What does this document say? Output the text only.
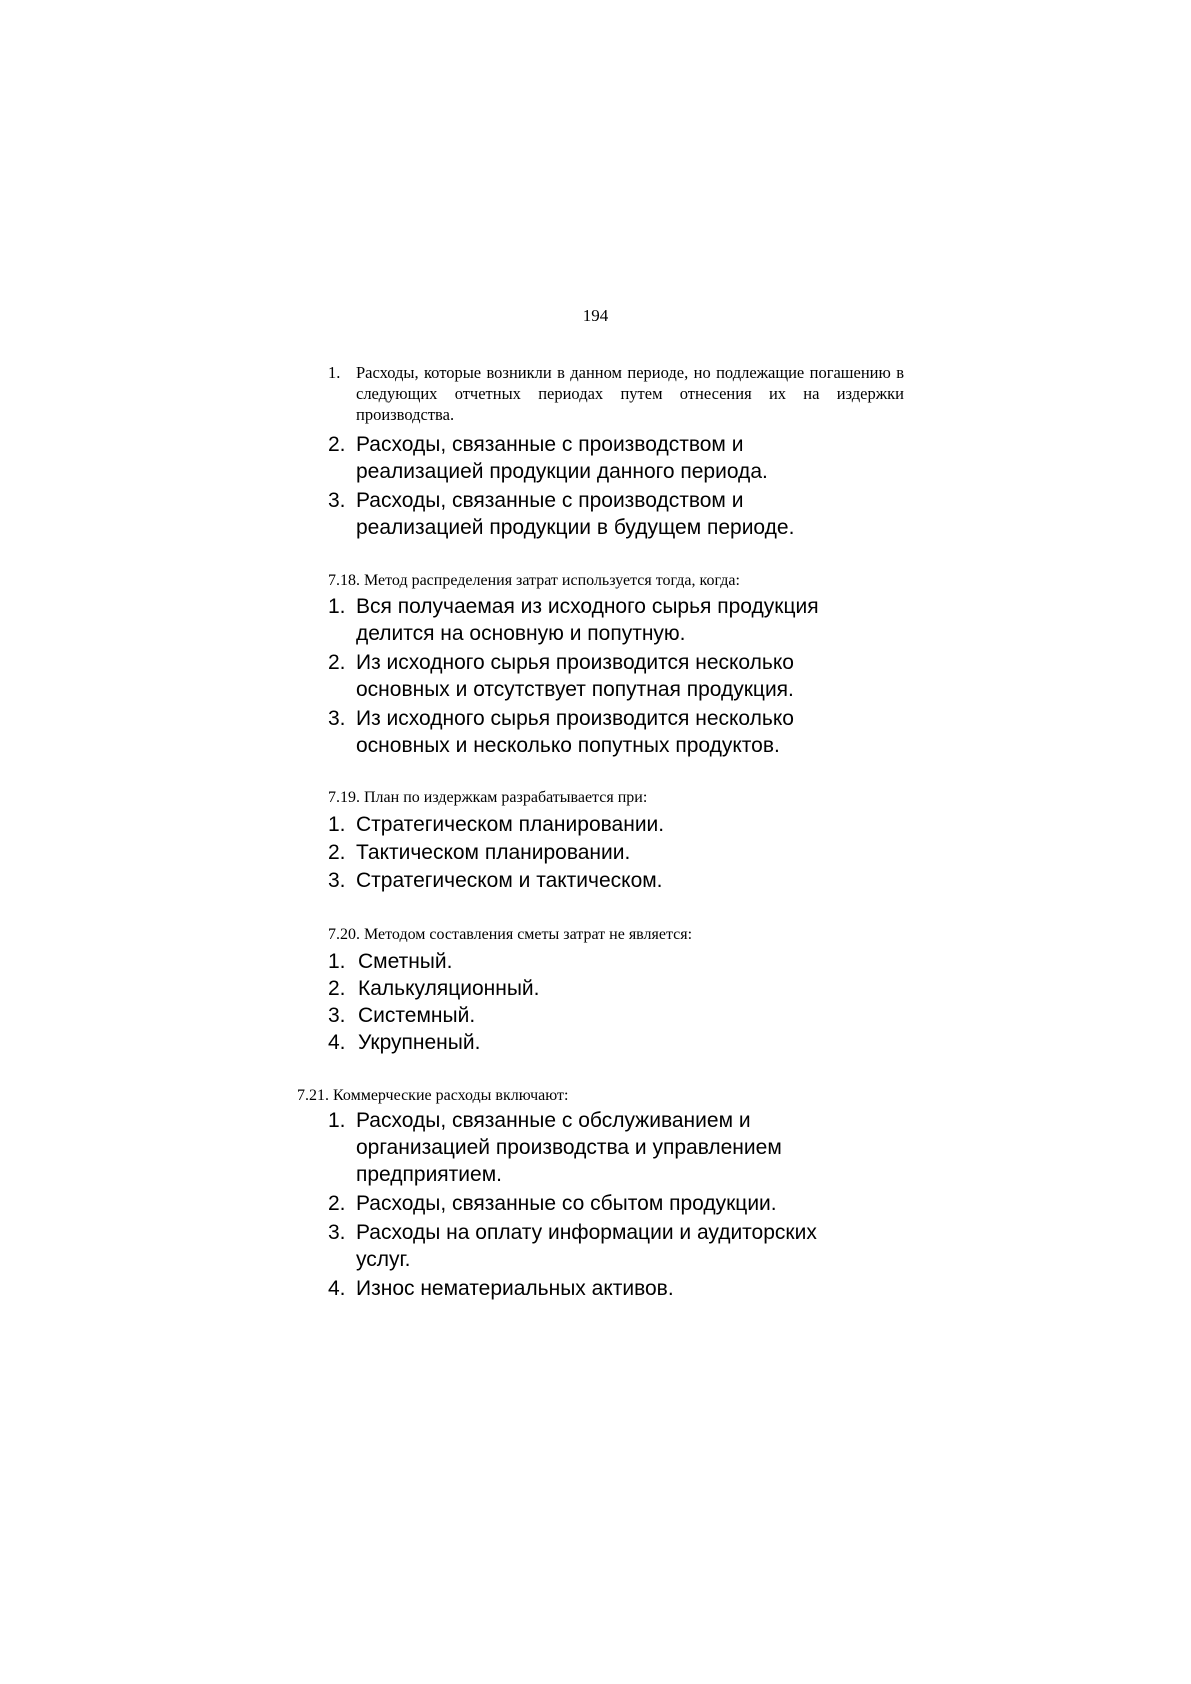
194

1. Расходы, которые возникли в данном периоде, но подлежащие погашению в следующих отчетных периодах путем отнесения их на издержки производства.

2. Расходы, связанные с производством и
реализацией продукции данного периода.

3. Расходы, связанные с производством и
реализацией продукции в будущем периоде.

7.18. Метод распределения затрат используется тогда, когда:

1. Вся получаемая из исходного сырья продукция
делится на основную и попутную.

2. Из исходного сырья производится несколько
основных и отсутствует попутная продукция.

3. Из исходного сырья производится несколько
основных и несколько попутных продуктов.

7.19. План по издержкам разрабатывается при:

1. Стратегическом планировании.

2. Тактическом планировании.

3. Стратегическом и тактическом.

7.20. Методом составления сметы затрат не является:

1. Сметный.

2. Калькуляционный.

3. Системный.

4. Укрупненый.

7.21. Коммерческие расходы включают:

1. Расходы, связанные с обслуживанием и
организацией производства и управлением
предприятием.

2. Расходы, связанные со сбытом продукции.

3. Расходы на оплату информации и аудиторских
услуг.

4. Износ нематериальных активов.
